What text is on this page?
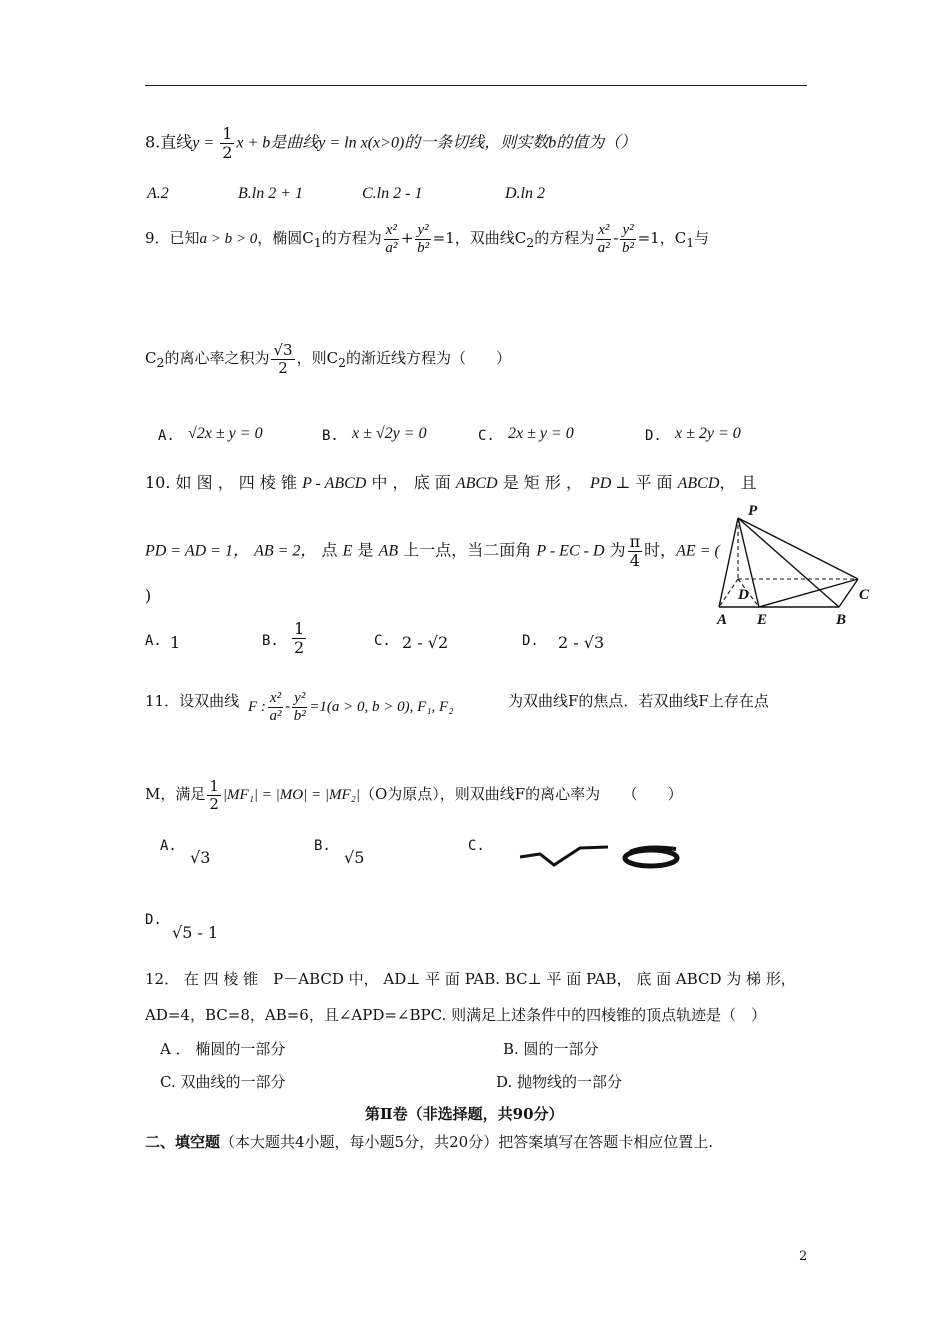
8.直线$y = \frac{1}{2}$ x + b是曲线y = ln x(x>0)的一条切线，则实数b的值为（）
A.2	B.ln 2 + 1	C.ln 2 - 1	D.ln 2
9．已知a > b > 0，椭圆$C_1$的方程为 $\frac{\text{x²}}{\text{a²}} + \frac{\text{y²}}{\text{b²}} =1$，双曲线$C_2$的方程为 $\frac{\text{x²}}{\text{a²}} - \frac{\text{y²}}{\text{b²}} =1$，$C_1$与
$C_2$的离心率之积为 $\frac{√3}{2}$ ，则$C_2$的渐近线方程为（　　）
A. √2x ± y = 0	B. x ± √2y = 0	C. 2x ± y = 0	D. x ± 2y = 0
10. 如 图 ， 四 棱 锥 P - ABCD 中 ， 底 面 ABCD 是 矩 形 ，　 PD ⊥ 平 面 ABCD， 且
PD = AD = 1， AB = 2， 点 E 是 AB 上一点，当二面角 P - EC - D 为 $\frac{\pi}{4}$ 时，AE = (
)
P
D	C
A E	B
A. 1	B. $\frac{1}{2}$	C. 2 - √2	D. 2 - √3
11．设双曲线 F : $\frac{\text{x²}}{\text{a²}} - \frac{\text{y²}}{\text{b²}} =1(a > 0$, b > 0), F₁, F₂	为双曲线F的焦点．若双曲线F上存在点
M，满足 $\frac{1}{2} |MF_1| = |MO| = |MF_2|(O$为原点），则双曲线F的离心率为　　（　　）
A.
√3
B.
√5
C.
D.
√5 - 1
12． 在 四 棱 锥　P－ABCD 中， AD⊥ 平 面 PAB. BC⊥ 平 面 PAB， 底 面 ABCD 为 梯 形，
AD=4，BC=8，AB=6，且∠APD=∠BPC. 则满足上述条件中的四棱锥的顶点轨迹是（　）
A ． 椭圆的一部分	B. 圆的一部分
C. 双曲线的一部分	D. 抛物线的一部分
第Ⅱ卷（非选择题，共90分）
二、填空题（本大题共4小题，每小题5分，共20分）把答案填写在答题卡相应位置上.
2
